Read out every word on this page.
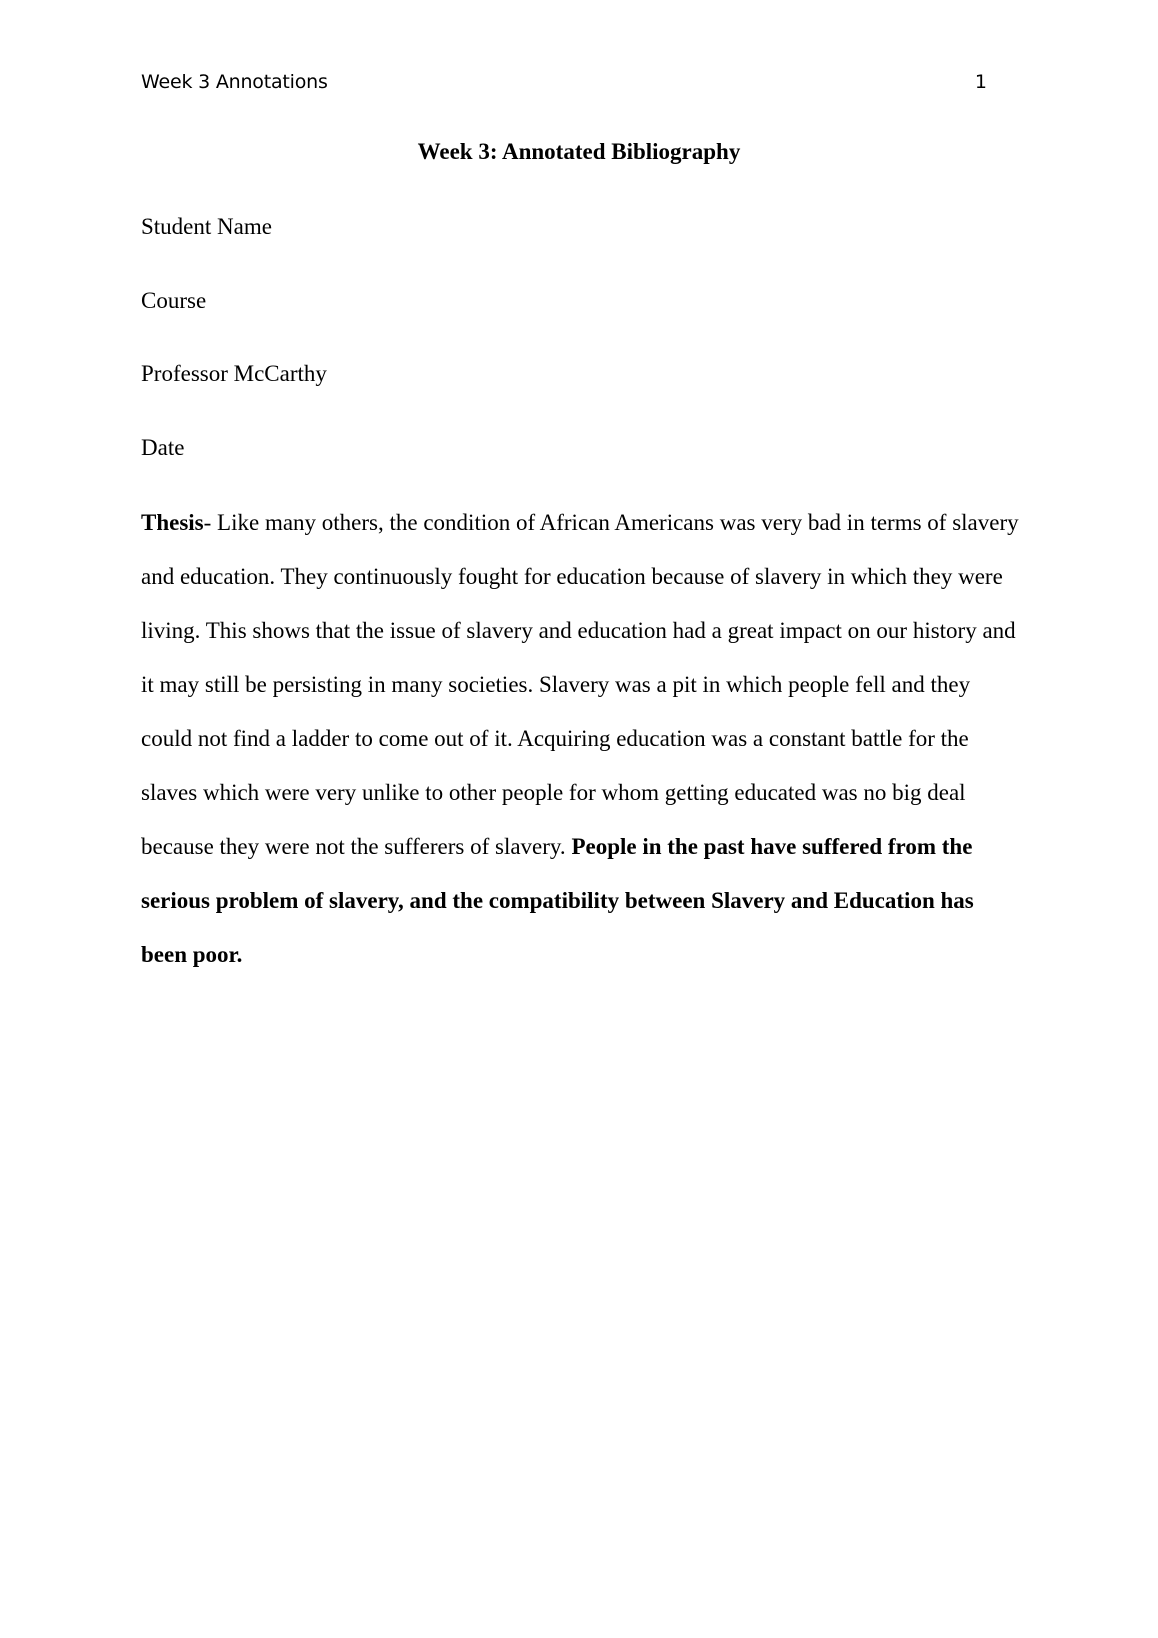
Week 3 Annotations	1
Week 3: Annotated Bibliography
Student Name
Course
Professor McCarthy
Date

Thesis- Like many others, the condition of African Americans was very bad in terms of slavery and education. They continuously fought for education because of slavery in which they were living. This shows that the issue of slavery and education had a great impact on our history and it may still be persisting in many societies. Slavery was a pit in which people fell and they could not find a ladder to come out of it. Acquiring education was a constant battle for the slaves which were very unlike to other people for whom getting educated was no big deal because they were not the sufferers of slavery. People in the past have suffered from the serious problem of slavery, and the compatibility between Slavery and Education has been poor.
